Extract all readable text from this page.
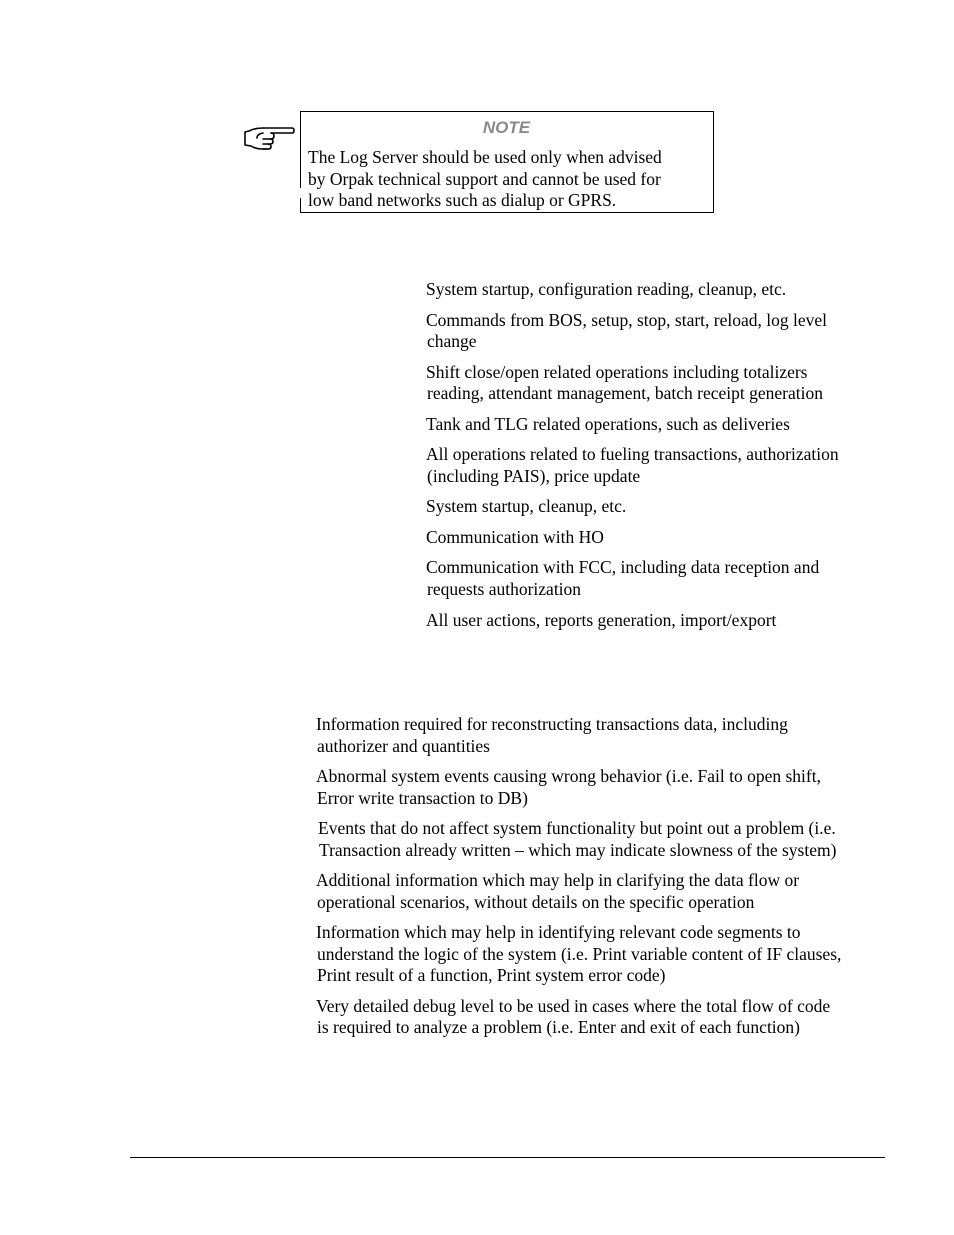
NOTE
The Log Server should be used only when advised
by Orpak technical support and cannot be used for
low band networks such as dialup or GPRS.
System startup, configuration reading, cleanup, etc.
Commands from BOS, setup, stop, start, reload, log level
change
Shift close/open related operations including totalizers
reading, attendant management, batch receipt generation
Tank and TLG related operations, such as deliveries
All operations related to fueling transactions, authorization
(including PAIS), price update
System startup, cleanup, etc.
Communication with HO
Communication with FCC, including data reception and
requests authorization
All user actions, reports generation, import/export
Information required for reconstructing transactions data, including
authorizer and quantities
Abnormal system events causing wrong behavior (i.e. Fail to open shift,
Error write transaction to DB)
Events that do not affect system functionality but point out a problem (i.e.
Transaction already written – which may indicate slowness of the system)
Additional information which may help in clarifying the data flow or
operational scenarios, without details on the specific operation
Information which may help in identifying relevant code segments to
understand the logic of the system (i.e. Print variable content of IF clauses,
Print result of a function, Print system error code)
Very detailed debug level to be used in cases where the total flow of code
is required to analyze a problem (i.e. Enter and exit of each function)
